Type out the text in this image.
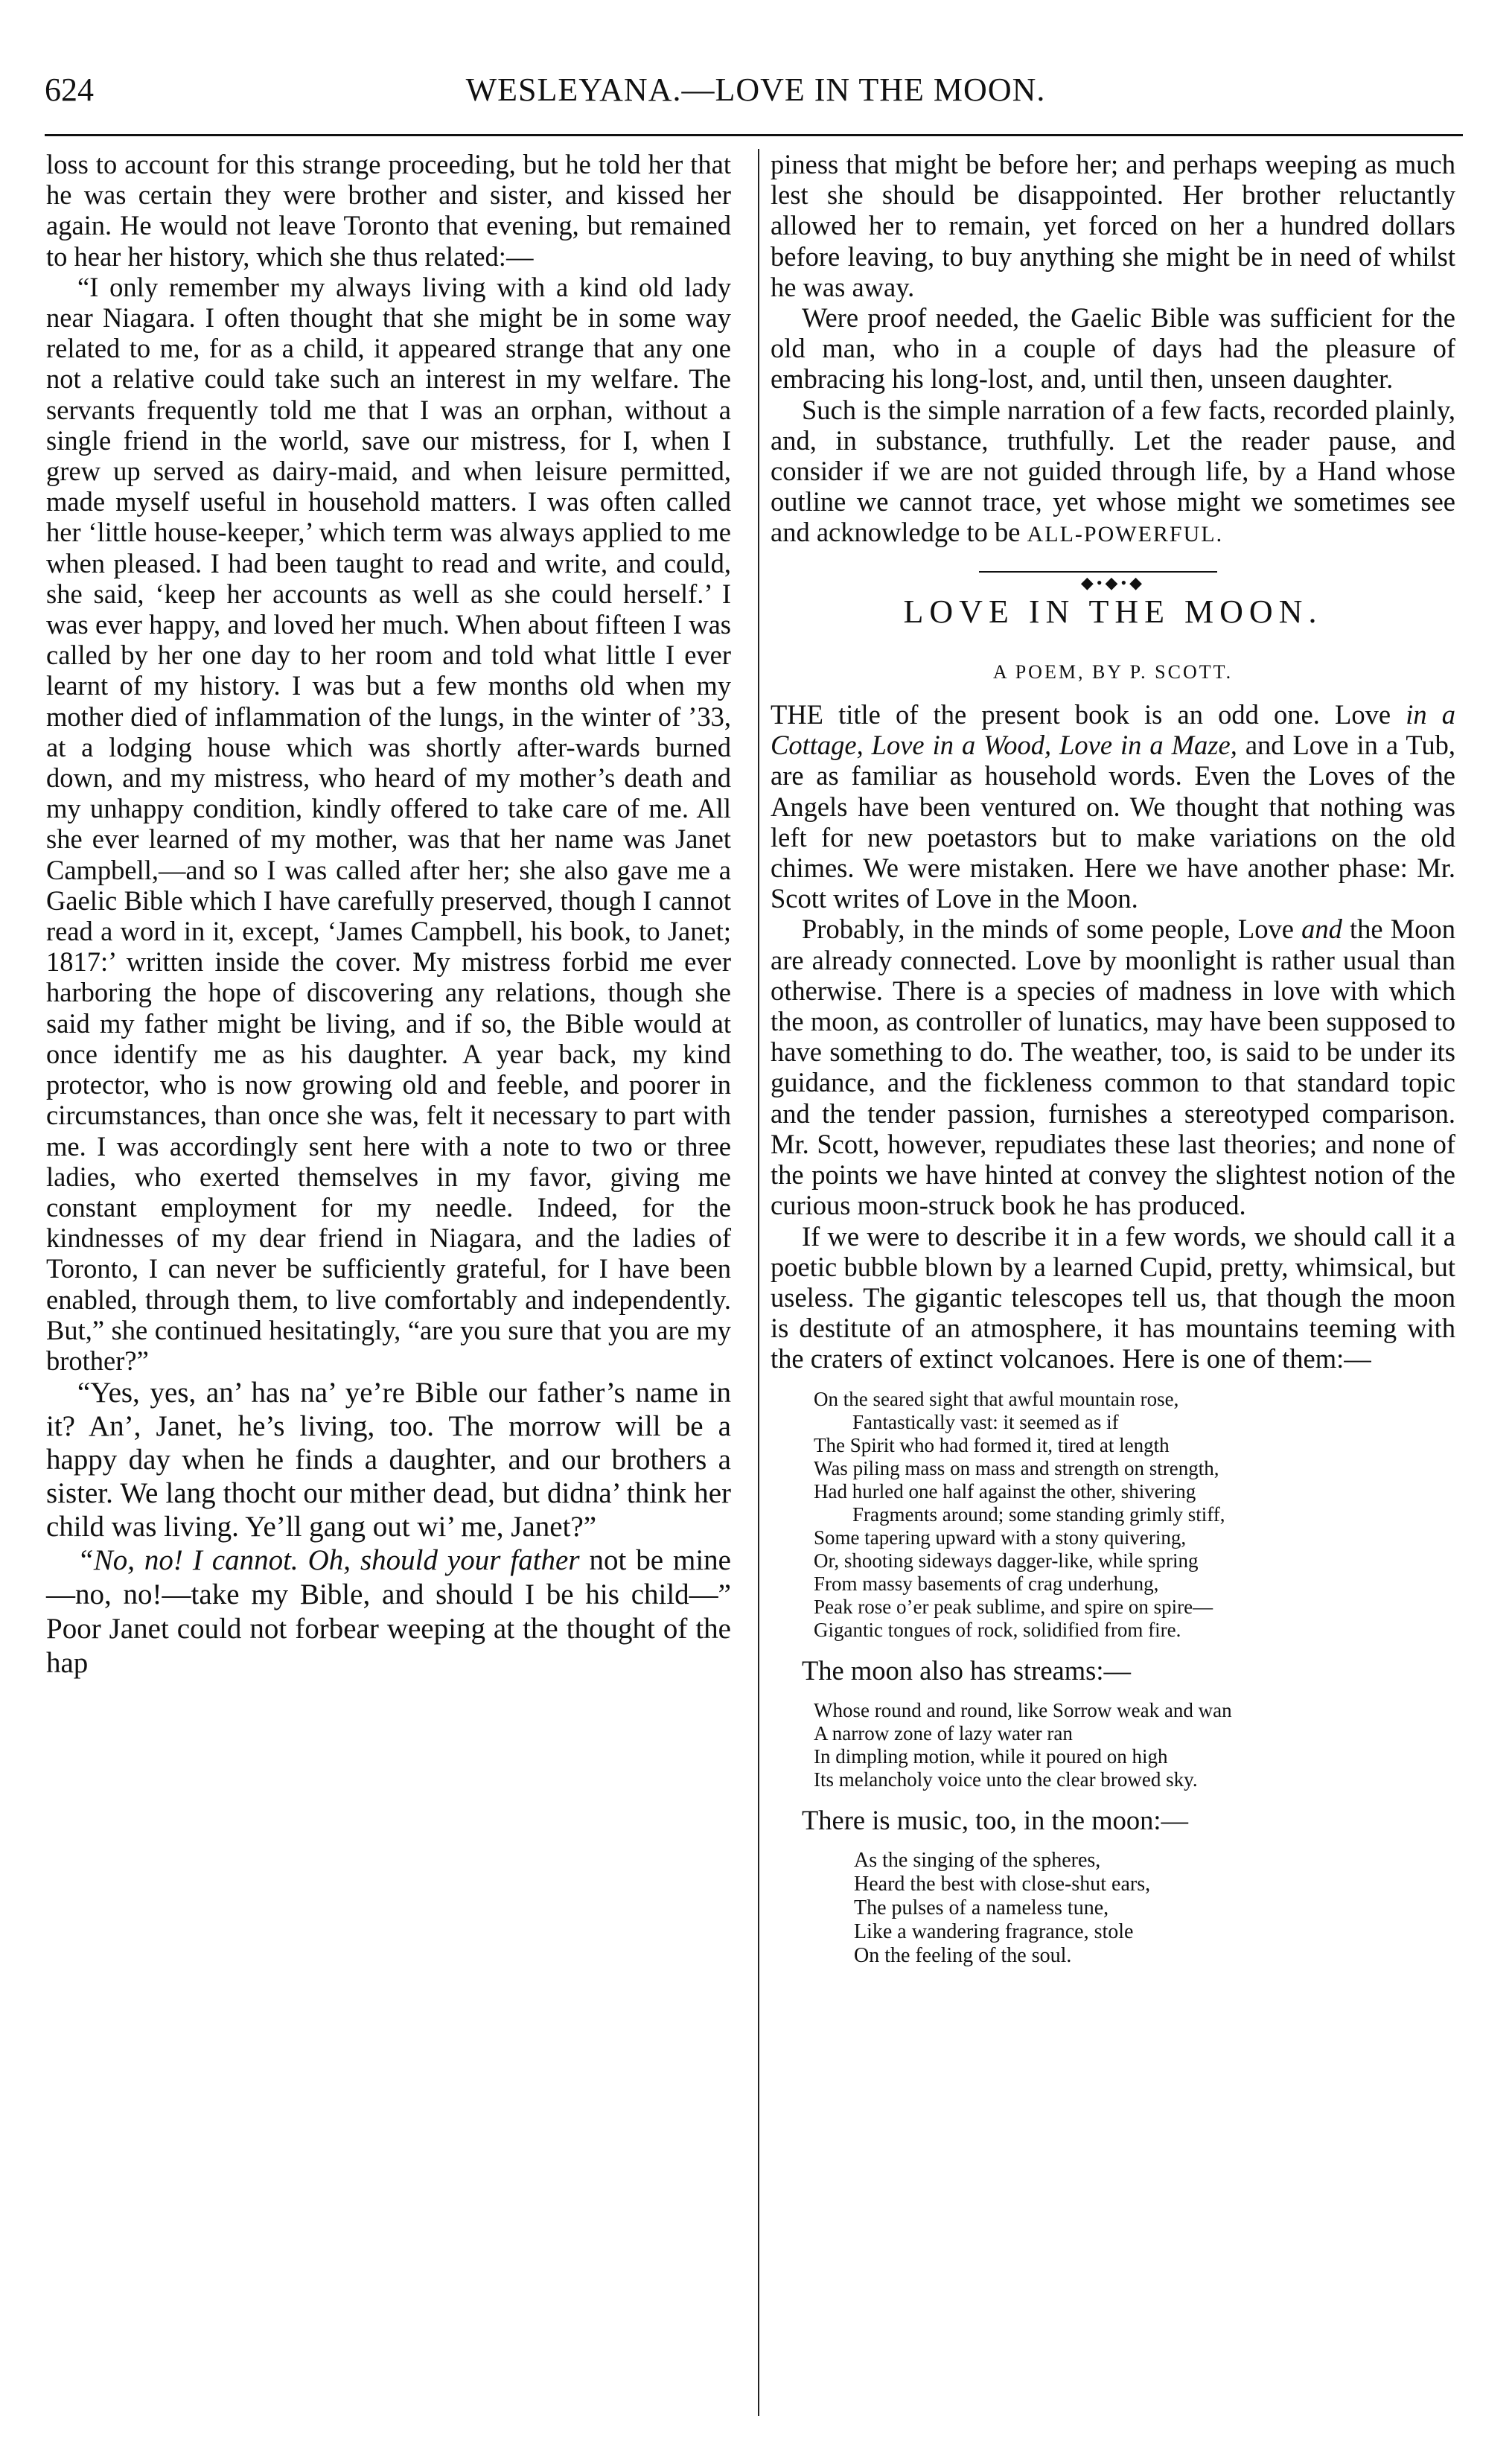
624	WESLEYANA.—LOVE IN THE MOON.

loss to account for this strange proceeding, but he told her that he was certain they were brother and sister, and kissed her again. He would not leave Toronto that evening, but remained to hear her history, which she thus related:—

“I only remember my always living with a kind old lady near Niagara. I often thought that she might be in some way related to me, for as a child, it appeared strange that any one not a relative could take such an interest in my welfare. The servants frequently told me that I was an orphan, without a single friend in the world, save our mistress, for I, when I grew up served as dairy-maid, and when leisure permitted, made myself useful in household matters. I was often called her ‘little house-keeper,’ which term was always applied to me when pleased. I had been taught to read and write, and could, she said, ‘keep her accounts as well as she could herself.’ I was ever happy, and loved her much. When about fifteen I was called by her one day to her room and told what little I ever learnt of my history. I was but a few months old when my mother died of inflammation of the lungs, in the winter of ’33, at a lodging house which was shortly after-wards burned down, and my mistress, who heard of my mother’s death and my unhappy condition, kindly offered to take care of me. All she ever learned of my mother, was that her name was Janet Campbell,—and so I was called after her; she also gave me a Gaelic Bible which I have carefully preserved, though I cannot read a word in it, except, ‘James Campbell, his book, to Janet; 1817:’ written inside the cover. My mistress forbid me ever harboring the hope of discovering any relations, though she said my father might be living, and if so, the Bible would at once identify me as his daughter. A year back, my kind protector, who is now growing old and feeble, and poorer in circumstances, than once she was, felt it necessary to part with me. I was accordingly sent here with a note to two or three ladies, who exerted themselves in my favor, giving me constant employment for my needle. Indeed, for the kindnesses of my dear friend in Niagara, and the ladies of Toronto, I can never be sufficiently grateful, for I have been enabled, through them, to live comfortably and independently. But,” she continued hesitatingly, “are you sure that you are my brother?”

“Yes, yes, an’ has na’ ye’re Bible our father’s name in it? An’, Janet, he’s living, too. The morrow will be a happy day when he finds a daughter, and our brothers a sister. We lang thocht our mither dead, but didna’ think her child was living. Ye’ll gang out wi’ me, Janet?”

“No, no! I cannot. Oh, should your father not be mine—no, no!—take my Bible, and should I be his child—” Poor Janet could not forbear weeping at the thought of the hap

piness that might be before her; and perhaps weeping as much lest she should be disappointed. Her brother reluctantly allowed her to remain, yet forced on her a hundred dollars before leaving, to buy anything she might be in need of whilst he was away.

Were proof needed, the Gaelic Bible was sufficient for the old man, who in a couple of days had the pleasure of embracing his long-lost, and, until then, unseen daughter.

Such is the simple narration of a few facts, recorded plainly, and, in substance, truthfully. Let the reader pause, and consider if we are not guided through life, by a Hand whose outline we cannot trace, yet whose might we sometimes see and acknowledge to be ALL-POWERFUL.

◆•◆•◆
LOVE IN THE MOON.
A POEM, BY P. SCOTT.

THE title of the present book is an odd one. Love in a Cottage, Love in a Wood, Love in a Maze, and Love in a Tub, are as familiar as household words. Even the Loves of the Angels have been ventured on. We thought that nothing was left for new poetastors but to make variations on the old chimes. We were mistaken. Here we have another phase: Mr. Scott writes of Love in the Moon.

Probably, in the minds of some people, Love and the Moon are already connected. Love by moonlight is rather usual than otherwise. There is a species of madness in love with which the moon, as controller of lunatics, may have been supposed to have something to do. The weather, too, is said to be under its guidance, and the fickleness common to that standard topic and the tender passion, furnishes a stereotyped comparison. Mr. Scott, however, repudiates these last theories; and none of the points we have hinted at convey the slightest notion of the curious moon-struck book he has produced.

If we were to describe it in a few words, we should call it a poetic bubble blown by a learned Cupid, pretty, whimsical, but useless. The gigantic telescopes tell us, that though the moon is destitute of an atmosphere, it has mountains teeming with the craters of extinct volcanoes. Here is one of them:—

On the seared sight that awful mountain rose,
Fantastically vast: it seemed as if
The Spirit who had formed it, tired at length
Was piling mass on mass and strength on strength,
Had hurled one half against the other, shivering
Fragments around; some standing grimly stiff,
Some tapering upward with a stony quivering,
Or, shooting sideways dagger-like, while spring
From massy basements of crag underhung,
Peak rose o’er peak sublime, and spire on spire—
Gigantic tongues of rock, solidified from fire.

The moon also has streams:—

Whose round and round, like Sorrow weak and wan
A narrow zone of lazy water ran
In dimpling motion, while it poured on high
Its melancholy voice unto the clear browed sky.

There is music, too, in the moon:—

As the singing of the spheres,
Heard the best with close-shut ears,
The pulses of a nameless tune,
Like a wandering fragrance, stole
On the feeling of the soul.
